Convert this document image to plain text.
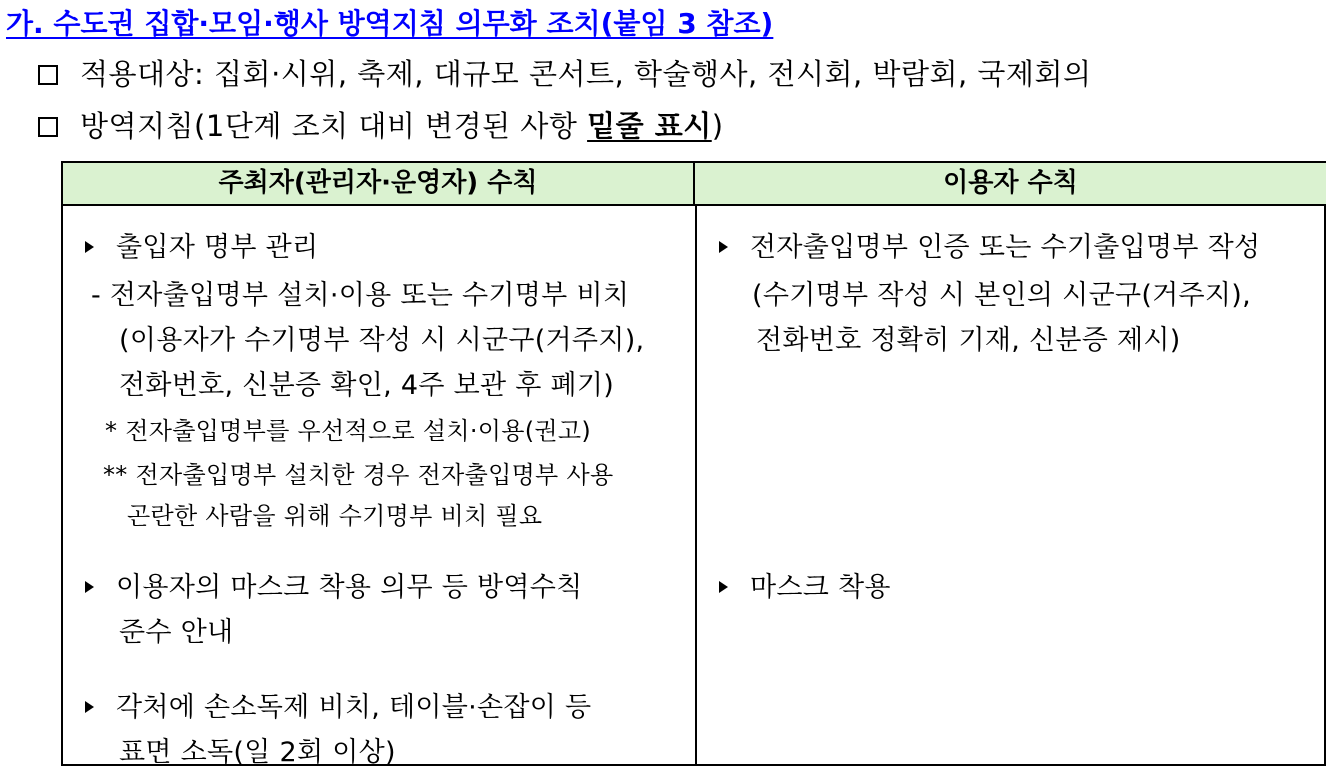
가. 수도권 집합·모임·행사 방역지침 의무화 조치(붙임 3 참조)
적용대상: 집회·시위, 축제, 대규모 콘서트, 학술행사, 전시회, 박람회, 국제회의
방역지침(1단계 조치 대비 변경된 사항 밑줄 표시)
주최자(관리자·운영자) 수칙	이용자 수칙
출입자 명부 관리
- 전자출입명부 설치·이용 또는 수기명부 비치
(이용자가 수기명부 작성 시 시군구(거주지),
전화번호, 신분증 확인, 4주 보관 후 폐기)
* 전자출입명부를 우선적으로 설치·이용(권고)
** 전자출입명부 설치한 경우 전자출입명부 사용
곤란한 사람을 위해 수기명부 비치 필요
이용자의 마스크 착용 의무 등 방역수칙
준수 안내
각처에 손소독제 비치, 테이블·손잡이 등
표면 소독(일 2회 이상)
전자출입명부 인증 또는 수기출입명부 작성
(수기명부 작성 시 본인의 시군구(거주지),
전화번호 정확히 기재, 신분증 제시)
마스크 착용
